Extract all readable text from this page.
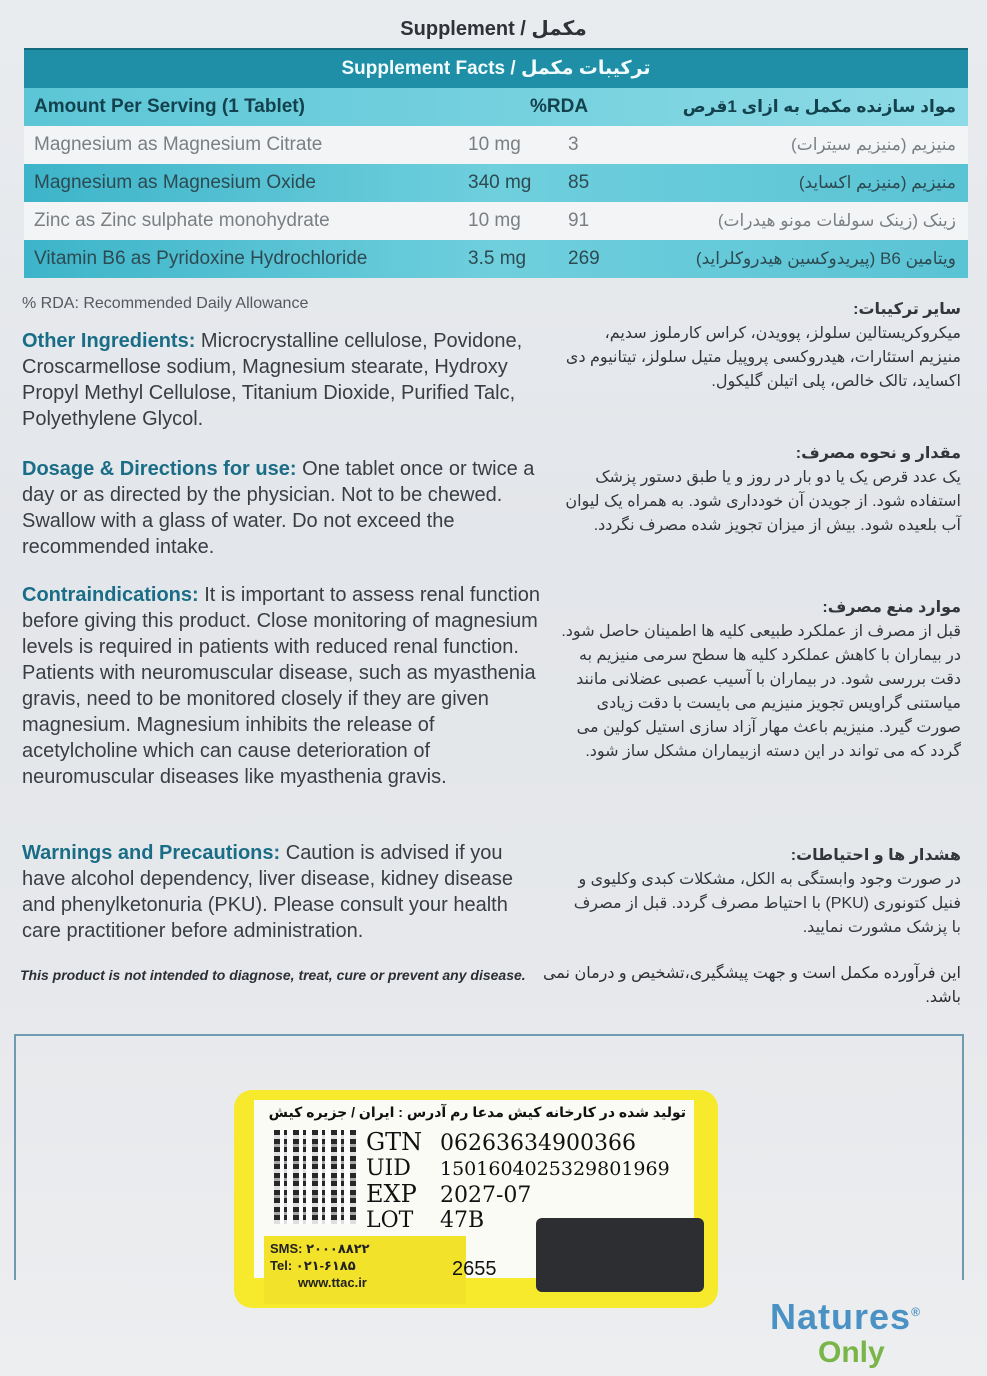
Supplement / مکمل
Supplement Facts / ترکیبات مکمل
Amount Per Serving (1 Tablet)	%RDA	مواد سازنده مکمل به ازای 1قرص
Magnesium as Magnesium Citrate	10 mg 3	منیزیم (منیزیم سیترات)
Magnesium as Magnesium Oxide	340 mg 85	منیزیم (منیزیم اکساید)
Zinc as Zinc sulphate monohydrate	10 mg 91	زینک (زینک سولفات مونو هیدرات)
Vitamin B6 as Pyridoxine Hydrochloride	3.5 mg 269	ویتامین B6 (پیریدوکسین هیدروکلراید)
% RDA: Recommended Daily Allowance
Other Ingredients: Microcrystalline cellulose, Povidone, Croscarmellose sodium, Magnesium stearate, Hydroxy Propyl Methyl Cellulose, Titanium Dioxide, Purified Talc, Polyethylene Glycol.
Dosage & Directions for use: One tablet once or twice a day or as directed by the physician. Not to be chewed. Swallow with a glass of water. Do not exceed the recommended intake.
Contraindications: It is important to assess renal function before giving this product. Close monitoring of magnesium levels is required in patients with reduced renal function. Patients with neuromuscular disease, such as myasthenia gravis, need to be monitored closely if they are given magnesium. Magnesium inhibits the release of acetylcholine which can cause deterioration of neuromuscular diseases like myasthenia gravis.
Warnings and Precautions: Caution is advised if you have alcohol dependency, liver disease, kidney disease and phenylketonuria (PKU). Please consult your health care practitioner before administration.
This product is not intended to diagnose, treat, cure or prevent any disease.
سایر ترکیبات:
میکروکریستالین سلولز، پوویدن، کراس کارملوز سدیم، منیزیم استئارات، هیدروکسی پروپیل متیل سلولز، تیتانیوم دی اکساید، تالک خالص، پلی اتیلن گلیکول.
مقدار و نحوه مصرف:
یک عدد قرص یک یا دو بار در روز و یا طبق دستور پزشک استفاده شود. از جویدن آن خودداری شود. به همراه یک لیوان آب بلعیده شود. بیش از میزان تجویز شده مصرف نگردد.
موارد منع مصرف:
قبل از مصرف از عملکرد طبیعی کلیه ها اطمینان حاصل شود. در بیماران با کاهش عملکرد کلیه ها سطح سرمی منیزیم به دقت بررسی شود. در بیماران با آسیب عصبی عضلانی مانند میاستنی گراویس تجویز منیزیم می بایست با دقت زیادی صورت گیرد. منیزیم باعث مهار آزاد سازی استیل کولین می گردد که می تواند در این دسته ازبیماران مشکل ساز شود.
هشدار ها و احتیاطات:
در صورت وجود وابستگی به الکل، مشکلات کبدی وکلیوی و فنیل کتونوری (PKU) با احتیاط مصرف گردد. قبل از مصرف با پزشک مشورت نمایید.
این فرآورده مکمل است و جهت پیشگیری،تشخیص و درمان نمی باشد.
تولید شده در کارخانه کیش مدعا رم آدرس : ایران / جزیره کیش
GTN 06263634900366
UID 1501604025329801969
EXP 2027-07
LOT 47B
SMS: ۲۰۰۰۸۸۲۲
Tel: ۰۲۱-۶۱۸۵
www.ttac.ir
2655
Natures®
Only
